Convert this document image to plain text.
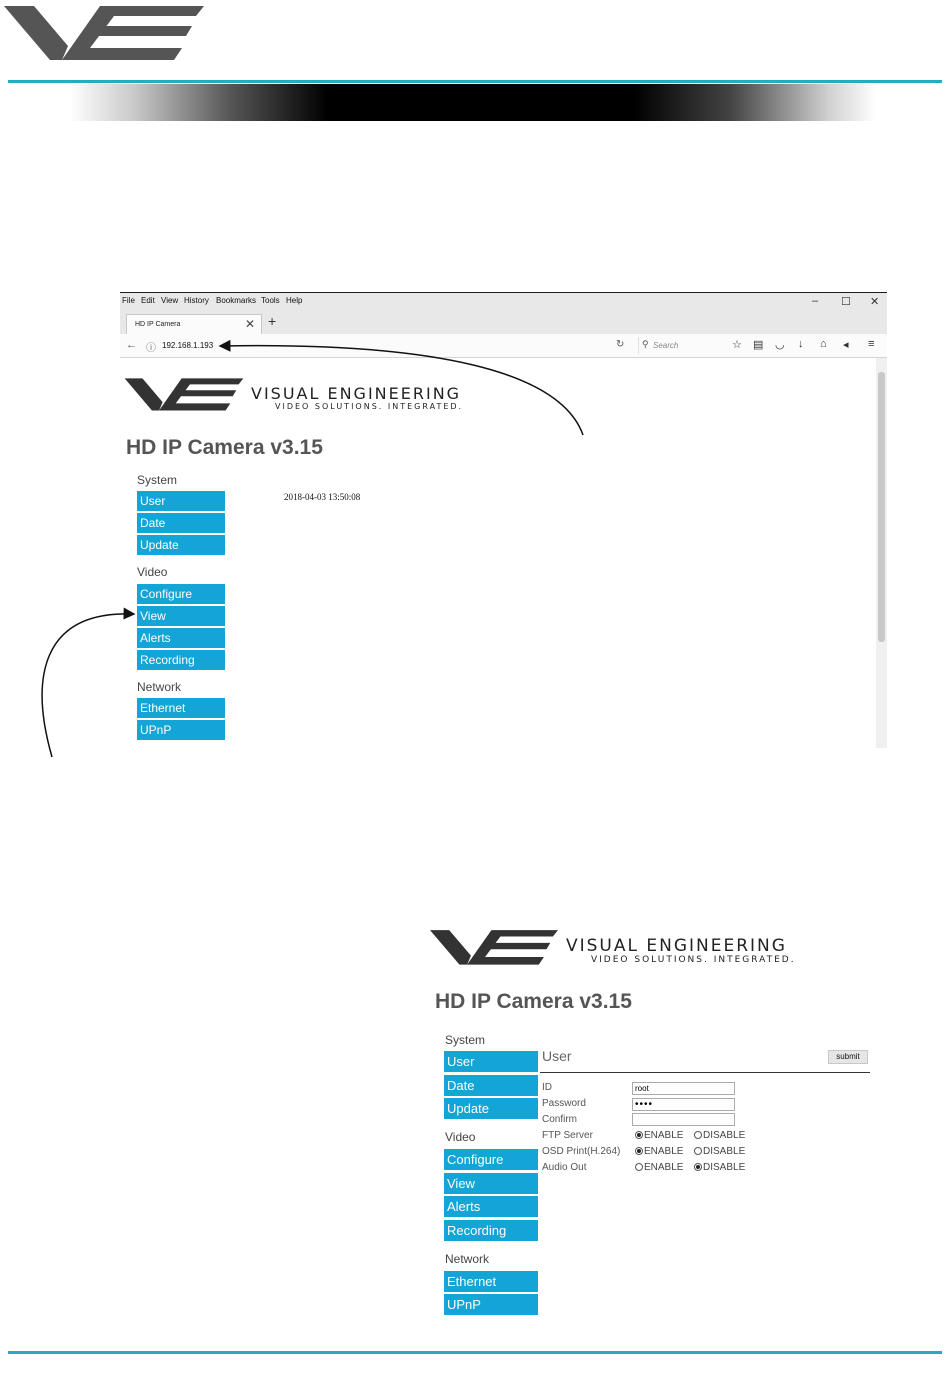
File Edit View History Bookmarks Tools Help	– ☐ ✕
HD IP Camera	✕ +
← ⓘ 192.168.1.193	↻ ⚲ Search	☆ ▤ ◡ ↓ ⌂ ◂ ≡
VISUAL ENGINEERING
VIDEO SOLUTIONS. INTEGRATED.
HD IP Camera v3.15
System
User
Date
Update
Video
Configure
View
Alerts
Recording
Network
Ethernet
UPnP
2018-04-03 13:50:08
VISUAL ENGINEERING
VIDEO SOLUTIONS. INTEGRATED.
HD IP Camera v3.15
System
User
Date
Update
Video
Configure
View
Alerts
Recording
Network
Ethernet
UPnP
User	submit
ID	root
Password	••••
Confirm
FTP Server	ENABLE	DISABLE
OSD Print(H.264)	ENABLE	DISABLE
Audio Out	ENABLE	DISABLE
